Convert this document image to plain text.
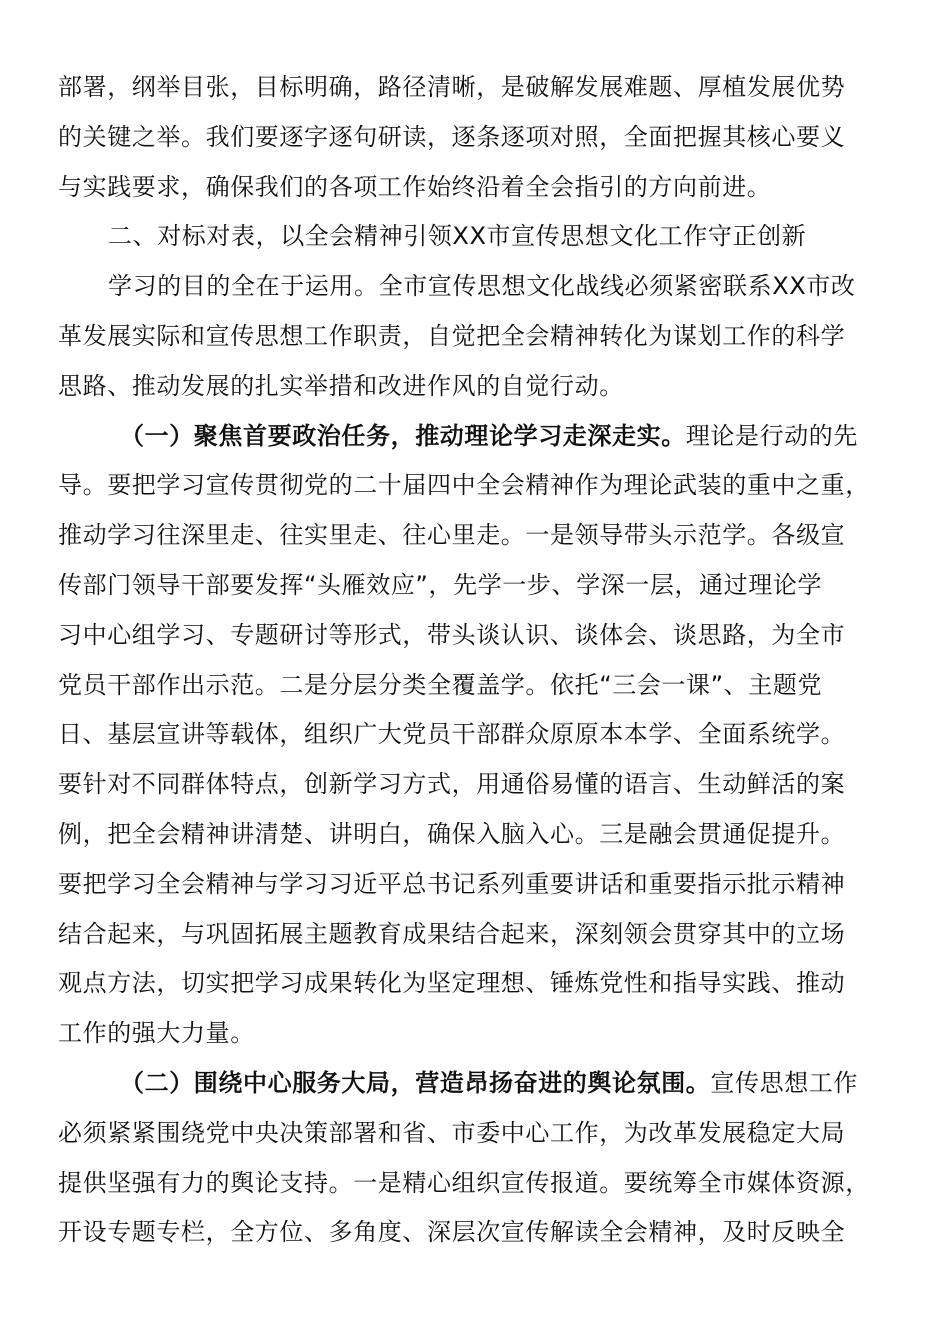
部署，纲举目张，目标明确，路径清晰，是破解发展难题、厚植发展优势
的关键之举。我们要逐字逐句研读，逐条逐项对照，全面把握其核心要义
与实践要求，确保我们的各项工作始终沿着全会指引的方向前进。
二、对标对表，以全会精神引领XX市宣传思想文化工作守正创新
学习的目的全在于运用。全市宣传思想文化战线必须紧密联系XX市改
革发展实际和宣传思想工作职责，自觉把全会精神转化为谋划工作的科学
思路、推动发展的扎实举措和改进作风的自觉行动。
（一）聚焦首要政治任务，推动理论学习走深走实。理论是行动的先
导。要把学习宣传贯彻党的二十届四中全会精神作为理论武装的重中之重，
推动学习往深里走、往实里走、往心里走。一是领导带头示范学。各级宣
传部门领导干部要发挥“头雁效应”，先学一步、学深一层，通过理论学
习中心组学习、专题研讨等形式，带头谈认识、谈体会、谈思路，为全市
党员干部作出示范。二是分层分类全覆盖学。依托“三会一课”、主题党
日、基层宣讲等载体，组织广大党员干部群众原原本本学、全面系统学。
要针对不同群体特点，创新学习方式，用通俗易懂的语言、生动鲜活的案
例，把全会精神讲清楚、讲明白，确保入脑入心。三是融会贯通促提升。
要把学习全会精神与学习习近平总书记系列重要讲话和重要指示批示精神
结合起来，与巩固拓展主题教育成果结合起来，深刻领会贯穿其中的立场
观点方法，切实把学习成果转化为坚定理想、锤炼党性和指导实践、推动
工作的强大力量。
（二）围绕中心服务大局，营造昂扬奋进的舆论氛围。宣传思想工作
必须紧紧围绕党中央决策部署和省、市委中心工作，为改革发展稳定大局
提供坚强有力的舆论支持。一是精心组织宣传报道。要统筹全市媒体资源，
开设专题专栏，全方位、多角度、深层次宣传解读全会精神，及时反映全
